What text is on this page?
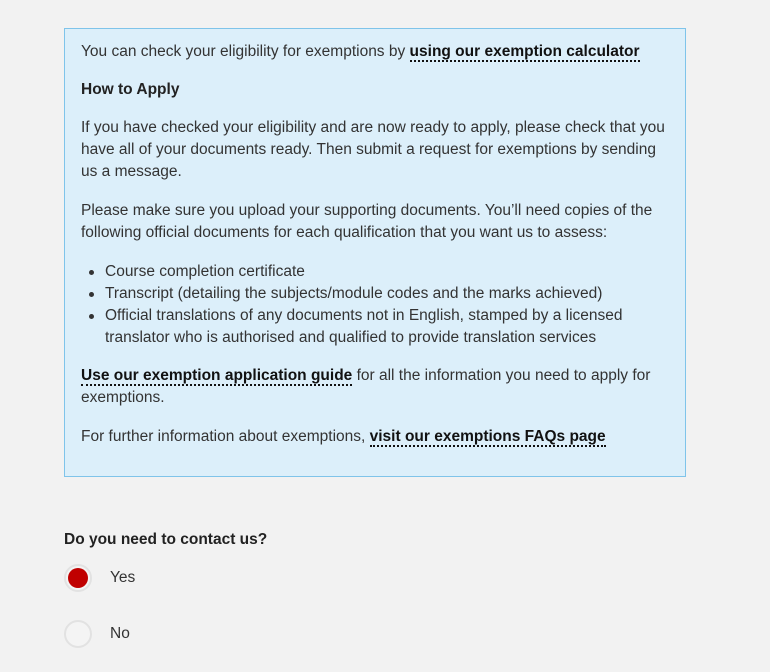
You can check your eligibility for exemptions by using our exemption calculator

How to Apply

If you have checked your eligibility and are now ready to apply, please check that you have all of your documents ready. Then submit a request for exemptions by sending us a message.

Please make sure you upload your supporting documents. You’ll need copies of the following official documents for each qualification that you want us to assess:

Course completion certificate
Transcript (detailing the subjects/module codes and the marks achieved)
Official translations of any documents not in English, stamped by a licensed translator who is authorised and qualified to provide translation services

Use our exemption application guide for all the information you need to apply for exemptions.

For further information about exemptions, visit our exemptions FAQs page

Do you need to contact us?

Yes
No
